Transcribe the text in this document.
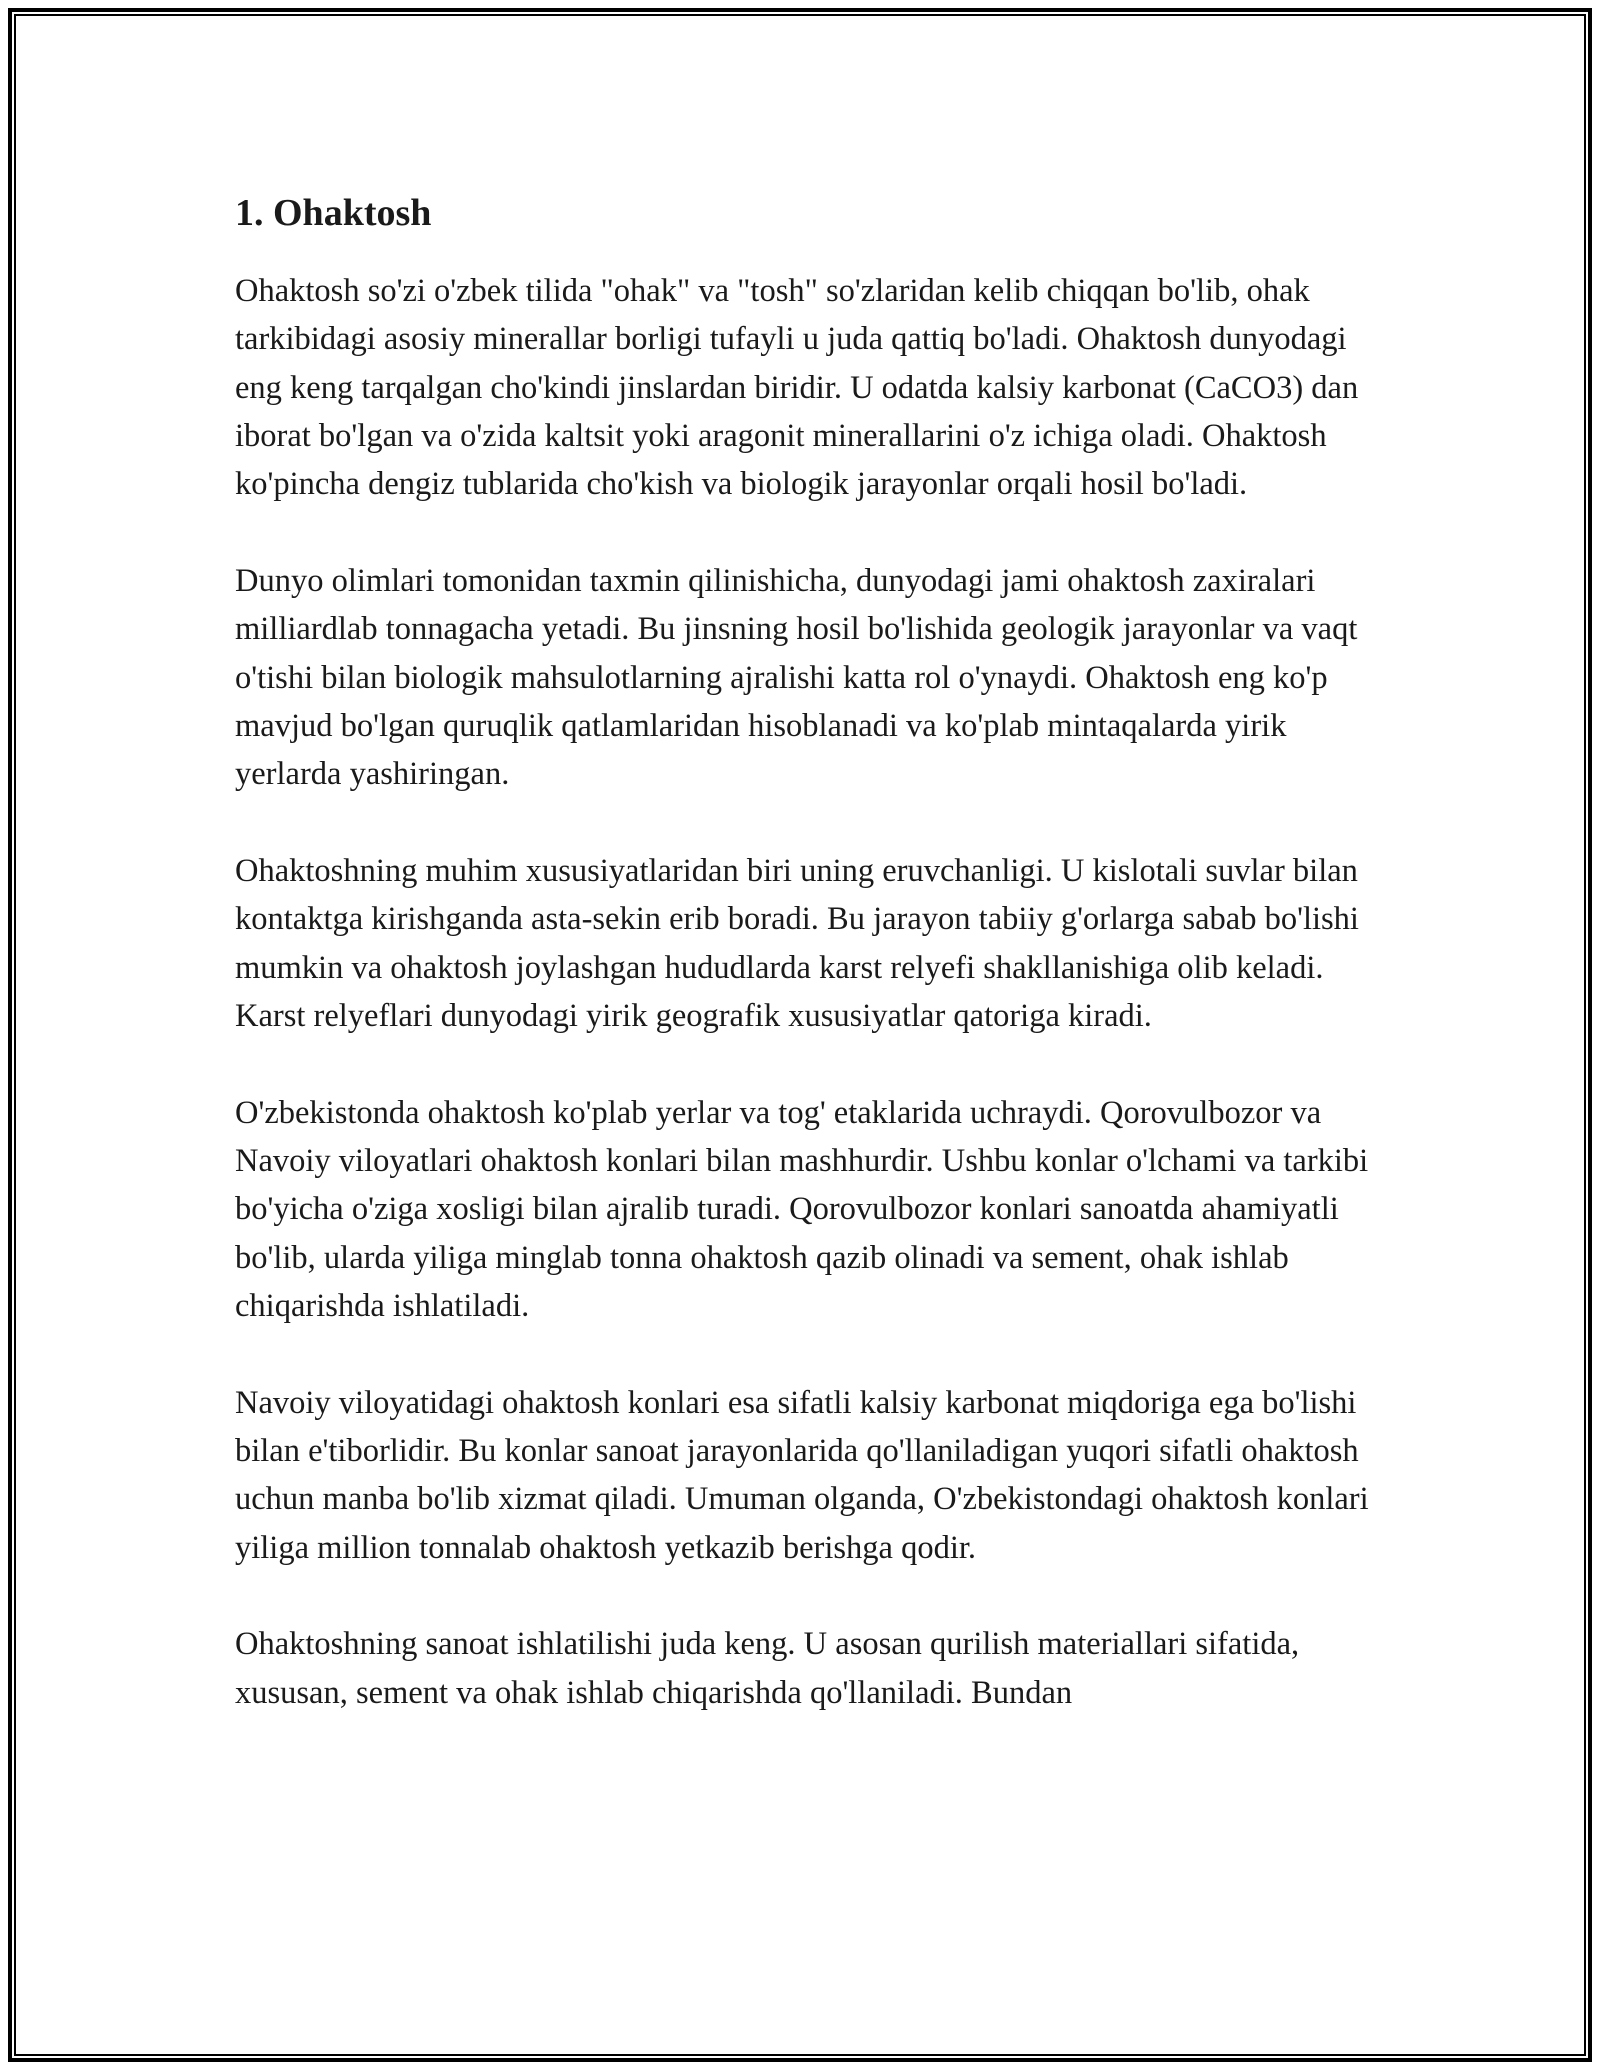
1. Ohaktosh

Ohaktosh so'zi o'zbek tilida "ohak" va "tosh" so'zlaridan kelib chiqqan bo'lib, ohak tarkibidagi asosiy minerallar borligi tufayli u juda qattiq bo'ladi. Ohaktosh dunyodagi eng keng tarqalgan cho'kindi jinslardan biridir. U odatda kalsiy karbonat (CaCO3) dan iborat bo'lgan va o'zida kaltsit yoki aragonit minerallarini o'z ichiga oladi. Ohaktosh ko'pincha dengiz tublarida cho'kish va biologik jarayonlar orqali hosil bo'ladi.

Dunyo olimlari tomonidan taxmin qilinishicha, dunyodagi jami ohaktosh zaxiralari milliardlab tonnagacha yetadi. Bu jinsning hosil bo'lishida geologik jarayonlar va vaqt o'tishi bilan biologik mahsulotlarning ajralishi katta rol o'ynaydi. Ohaktosh eng ko'p mavjud bo'lgan quruqlik qatlamlaridan hisoblanadi va ko'plab mintaqalarda yirik yerlarda yashiringan.

Ohaktoshning muhim xususiyatlaridan biri uning eruvchanligi. U kislotali suvlar bilan kontaktga kirishganda asta-sekin erib boradi. Bu jarayon tabiiy g'orlarga sabab bo'lishi mumkin va ohaktosh joylashgan hududlarda karst relyefi shakllanishiga olib keladi. Karst relyeflari dunyodagi yirik geografik xususiyatlar qatoriga kiradi.

O'zbekistonda ohaktosh ko'plab yerlar va tog' etaklarida uchraydi. Qorovulbozor va Navoiy viloyatlari ohaktosh konlari bilan mashhurdir. Ushbu konlar o'lchami va tarkibi bo'yicha o'ziga xosligi bilan ajralib turadi. Qorovulbozor konlari sanoatda ahamiyatli bo'lib, ularda yiliga minglab tonna ohaktosh qazib olinadi va sement, ohak ishlab chiqarishda ishlatiladi.

Navoiy viloyatidagi ohaktosh konlari esa sifatli kalsiy karbonat miqdoriga ega bo'lishi bilan e'tiborlidir. Bu konlar sanoat jarayonlarida qo'llaniladigan yuqori sifatli ohaktosh uchun manba bo'lib xizmat qiladi. Umuman olganda, O'zbekistondagi ohaktosh konlari yiliga million tonnalab ohaktosh yetkazib berishga qodir.

Ohaktoshning sanoat ishlatilishi juda keng. U asosan qurilish materiallari sifatida, xususan, sement va ohak ishlab chiqarishda qo'llaniladi. Bundan
